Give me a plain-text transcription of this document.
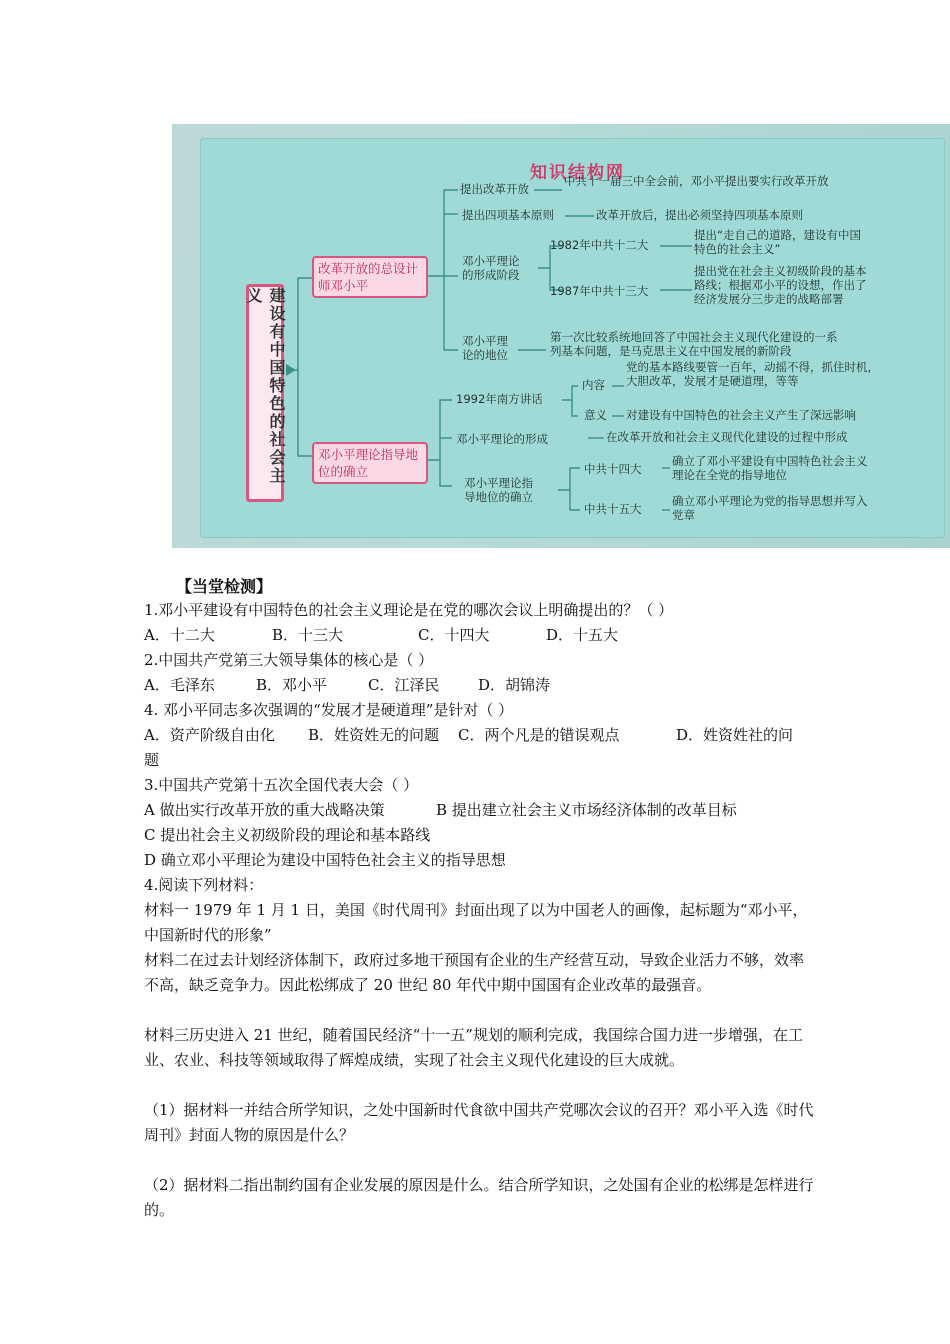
知识结构网
建设有中国特色的社会主义
改革开放的总设计师邓小平
邓小平理论指导地位的确立
提出改革开放
中共十一届三中全会前，邓小平提出要实行改革开放
提出四项基本原则	改革开放后，提出必须坚持四项基本原则
邓小平理论
的形成阶段
1982年中共十二大
提出“走自己的道路，建设有中国
特色的社会主义”
1987年中共十三大
提出党在社会主义初级阶段的基本
路线；根据邓小平的设想，作出了
经济发展分三步走的战略部署
邓小平理
论的地位
第一次比较系统地回答了中国社会主义现代化建设的一系
列基本问题，是马克思主义在中国发展的新阶段
1992年南方讲话
内容
党的基本路线要管一百年，动摇不得，抓住时机，
大胆改革，发展才是硬道理，等等
意义 对建设有中国特色的社会主义产生了深远影响
邓小平理论的形成	在改革开放和社会主义现代化建设的过程中形成
邓小平理论指
导地位的确立
中共十四大
确立了邓小平建设有中国特色社会主义
理论在全党的指导地位
中共十五大
确立邓小平理论为党的指导思想并写入
党章
【当堂检测】
1.邓小平建设有中国特色的社会主义理论是在党的哪次会议上明确提出的？（ ）
A．十二大	B．十三大	C．十四大	D．十五大
2.中国共产党第三大领导集体的核心是（ ）
A．毛泽东	B．邓小平	C．江泽民	D．胡锦涛
4. 邓小平同志多次强调的“发展才是硬道理”是针对（ ）
A．资产阶级自由化 B．姓资姓无的问题 C．两个凡是的错误观点	D．姓资姓社的问
题
3.中国共产党第十五次全国代表大会（ ）
A 做出实行改革开放的重大战略决策	B 提出建立社会主义市场经济体制的改革目标
C 提出社会主义初级阶段的理论和基本路线
D 确立邓小平理论为建设中国特色社会主义的指导思想
4.阅读下列材料：
材料一 1979 年 1 月 1 日，美国《时代周刊》封面出现了以为中国老人的画像，起标题为“邓小平，中国新时代的形象”
材料二在过去计划经济体制下，政府过多地干预国有企业的生产经营互动，导致企业活力不够，效率不高，缺乏竞争力。因此松绑成了 20 世纪 80 年代中期中国国有企业改革的最强音。
材料三历史进入 21 世纪，随着国民经济“十一五”规划的顺利完成，我国综合国力进一步增强，在工业、农业、科技等领域取得了辉煌成绩，实现了社会主义现代化建设的巨大成就。
（1）据材料一并结合所学知识，之处中国新时代食欲中国共产党哪次会议的召开？邓小平入选《时代周刊》封面人物的原因是什么？
（2）据材料二指出制约国有企业发展的原因是什么。结合所学知识，之处国有企业的松绑是怎样进行的。
